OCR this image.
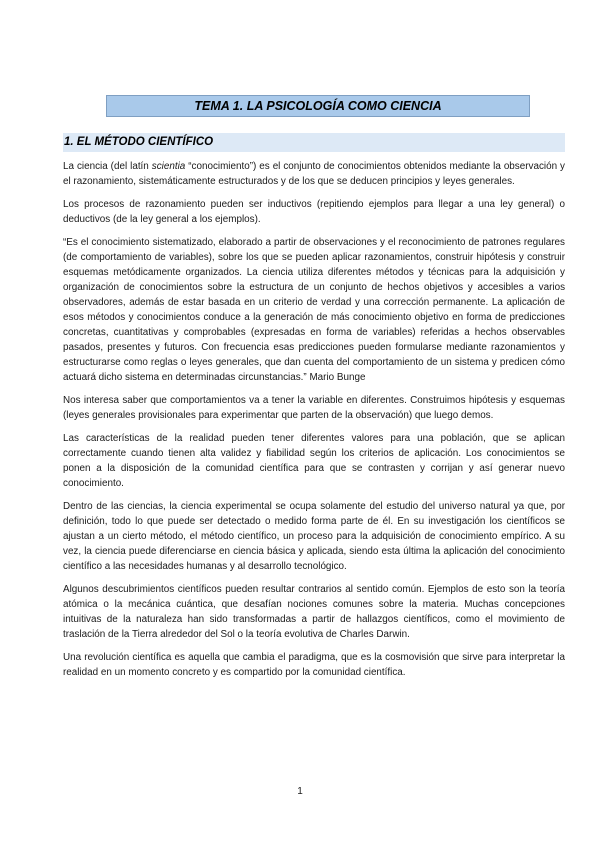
TEMA 1. LA PSICOLOGÍA COMO CIENCIA
1. EL MÉTODO CIENTÍFICO

La ciencia (del latín scientia “conocimiento”) es el conjunto de conocimientos obtenidos mediante la observación y el razonamiento, sistemáticamente estructurados y de los que se deducen principios y leyes generales.

Los procesos de razonamiento pueden ser inductivos (repitiendo ejemplos para llegar a una ley general) o deductivos (de la ley general a los ejemplos).

“Es el conocimiento sistematizado, elaborado a partir de observaciones y el reconocimiento de patrones regulares (de comportamiento de variables), sobre los que se pueden aplicar razonamientos, construir hipótesis y construir esquemas metódicamente organizados. La ciencia utiliza diferentes métodos y técnicas para la adquisición y organización de conocimientos sobre la estructura de un conjunto de hechos objetivos y accesibles a varios observadores, además de estar basada en un criterio de verdad y una corrección permanente. La aplicación de esos métodos y conocimientos conduce a la generación de más conocimiento objetivo en forma de predicciones concretas, cuantitativas y comprobables (expresadas en forma de variables) referidas a hechos observables pasados, presentes y futuros. Con frecuencia esas predicciones pueden formularse mediante razonamientos y estructurarse como reglas o leyes generales, que dan cuenta del comportamiento de un sistema y predicen cómo actuará dicho sistema en determinadas circunstancias.” Mario Bunge

Nos interesa saber que comportamientos va a tener la variable en diferentes. Construimos hipótesis y esquemas (leyes generales provisionales para experimentar que parten de la observación) que luego demos.

Las características de la realidad pueden tener diferentes valores para una población, que se aplican correctamente cuando tienen alta validez y fiabilidad según los criterios de aplicación. Los conocimientos se ponen a la disposición de la comunidad científica para que se contrasten y corrijan y así generar nuevo conocimiento.

Dentro de las ciencias, la ciencia experimental se ocupa solamente del estudio del universo natural ya que, por definición, todo lo que puede ser detectado o medido forma parte de él. En su investigación los científicos se ajustan a un cierto método, el método científico, un proceso para la adquisición de conocimiento empírico. A su vez, la ciencia puede diferenciarse en ciencia básica y aplicada, siendo esta última la aplicación del conocimiento científico a las necesidades humanas y al desarrollo tecnológico.

Algunos descubrimientos científicos pueden resultar contrarios al sentido común. Ejemplos de esto son la teoría atómica o la mecánica cuántica, que desafían nociones comunes sobre la materia. Muchas concepciones intuitivas de la naturaleza han sido transformadas a partir de hallazgos científicos, como el movimiento de traslación de la Tierra alrededor del Sol o la teoría evolutiva de Charles Darwin.

Una revolución científica es aquella que cambia el paradigma, que es la cosmovisión que sirve para interpretar la realidad en un momento concreto y es compartido por la comunidad científica.

1
